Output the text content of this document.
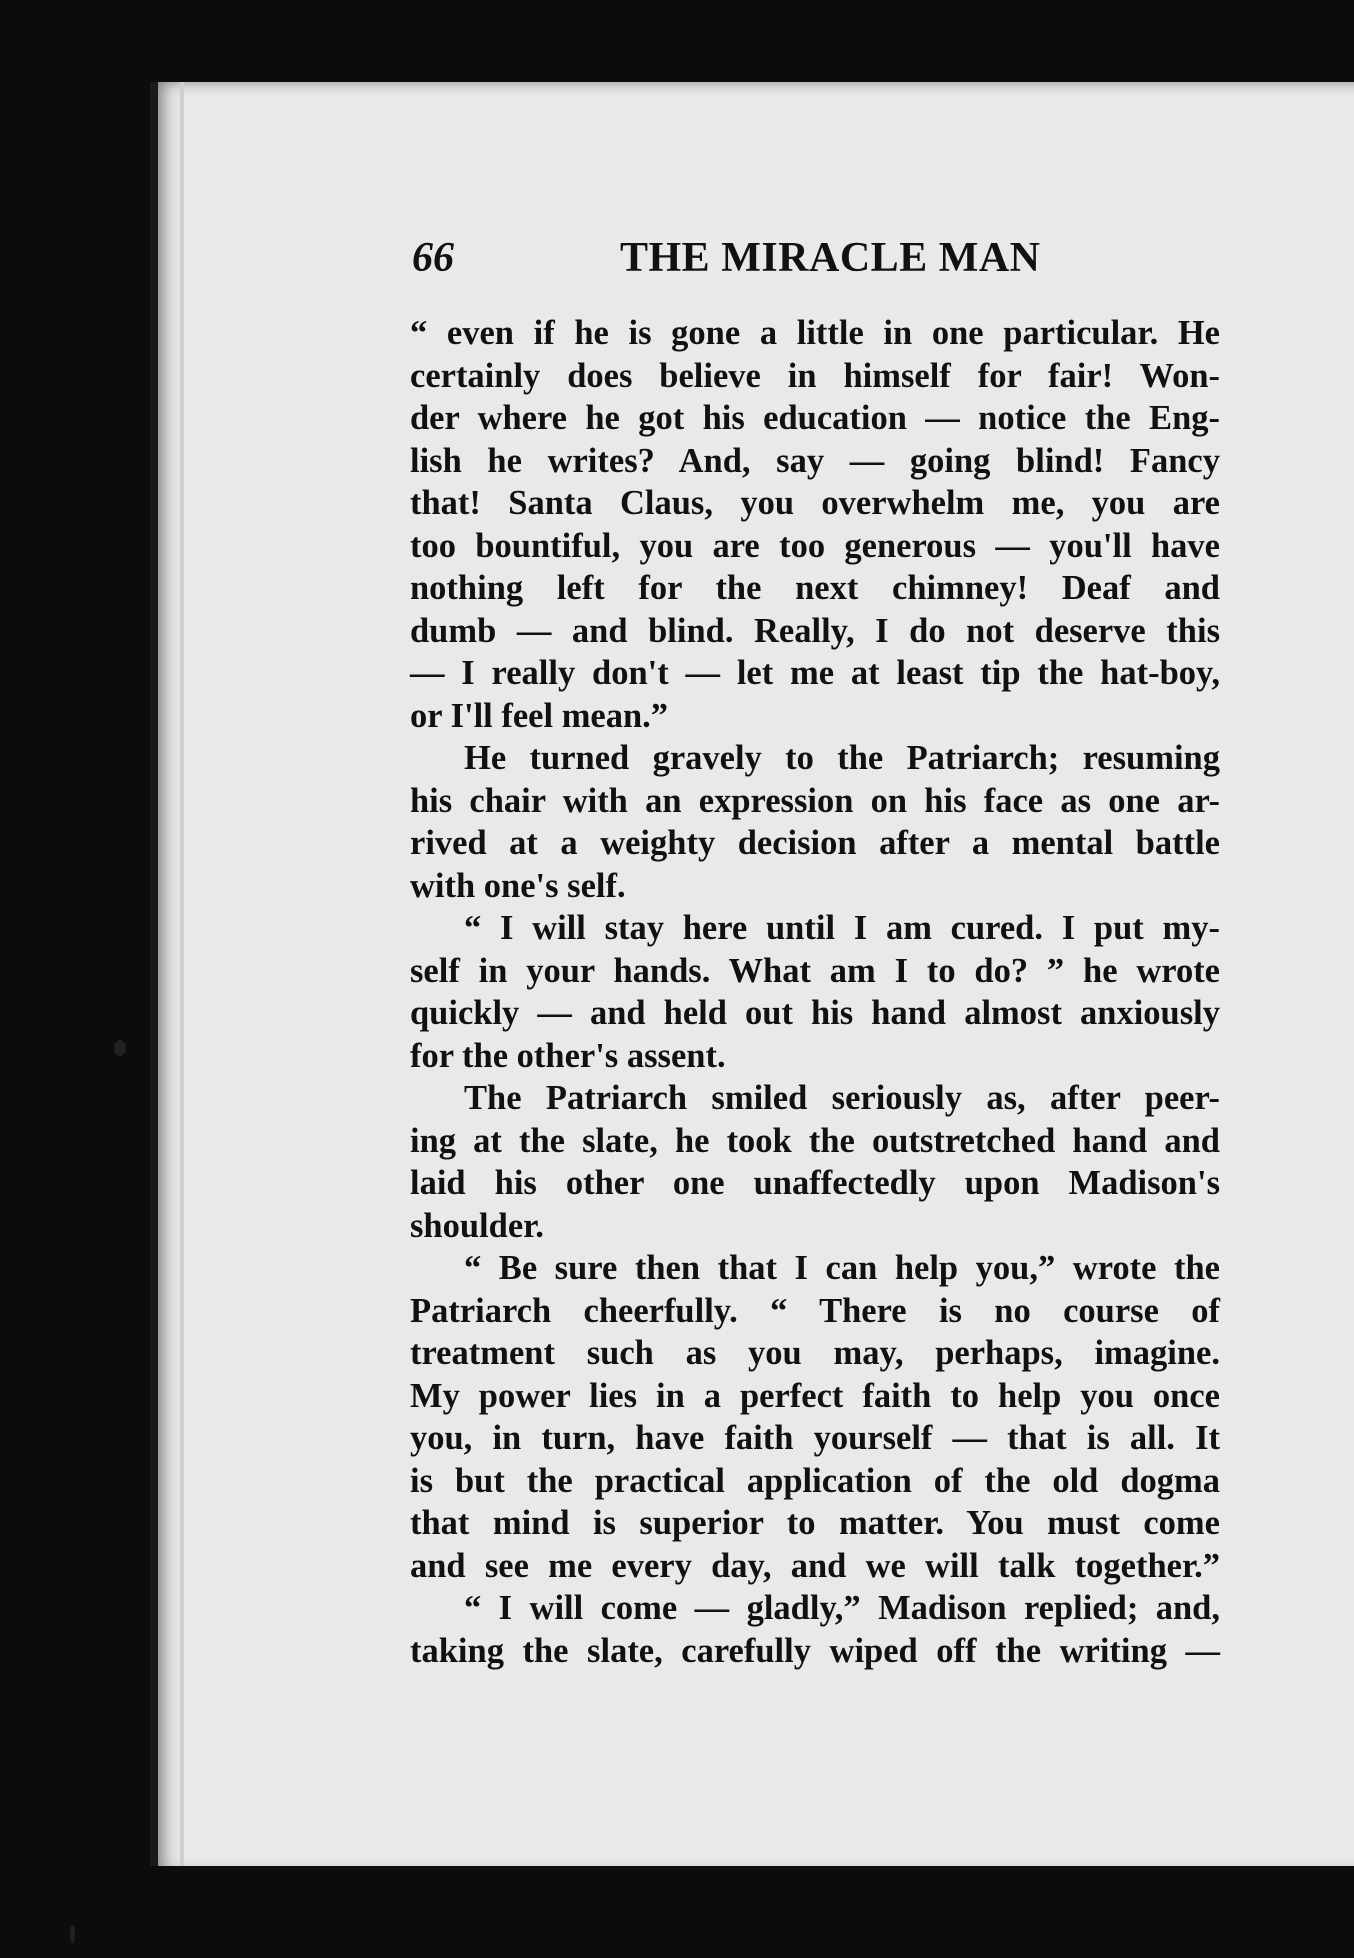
66	THE MIRACLE MAN
“ even if he is gone a little in one particular. He
certainly does believe in himself for fair! Won-
der where he got his education — notice the Eng-
lish he writes? And, say — going blind! Fancy
that! Santa Claus, you overwhelm me, you are
too bountiful, you are too generous — you'll have
nothing left for the next chimney! Deaf and
dumb — and blind. Really, I do not deserve this
— I really don't — let me at least tip the hat-boy,
or I'll feel mean.”
He turned gravely to the Patriarch; resuming
his chair with an expression on his face as one ar-
rived at a weighty decision after a mental battle
with one's self.
“ I will stay here until I am cured. I put my-
self in your hands. What am I to do? ” he wrote
quickly — and held out his hand almost anxiously
for the other's assent.
The Patriarch smiled seriously as, after peer-
ing at the slate, he took the outstretched hand and
laid his other one unaffectedly upon Madison's
shoulder.
“ Be sure then that I can help you,” wrote the
Patriarch cheerfully. “ There is no course of
treatment such as you may, perhaps, imagine.
My power lies in a perfect faith to help you once
you, in turn, have faith yourself — that is all. It
is but the practical application of the old dogma
that mind is superior to matter. You must come
and see me every day, and we will talk together.”
“ I will come — gladly,” Madison replied; and,
taking the slate, carefully wiped off the writing —
